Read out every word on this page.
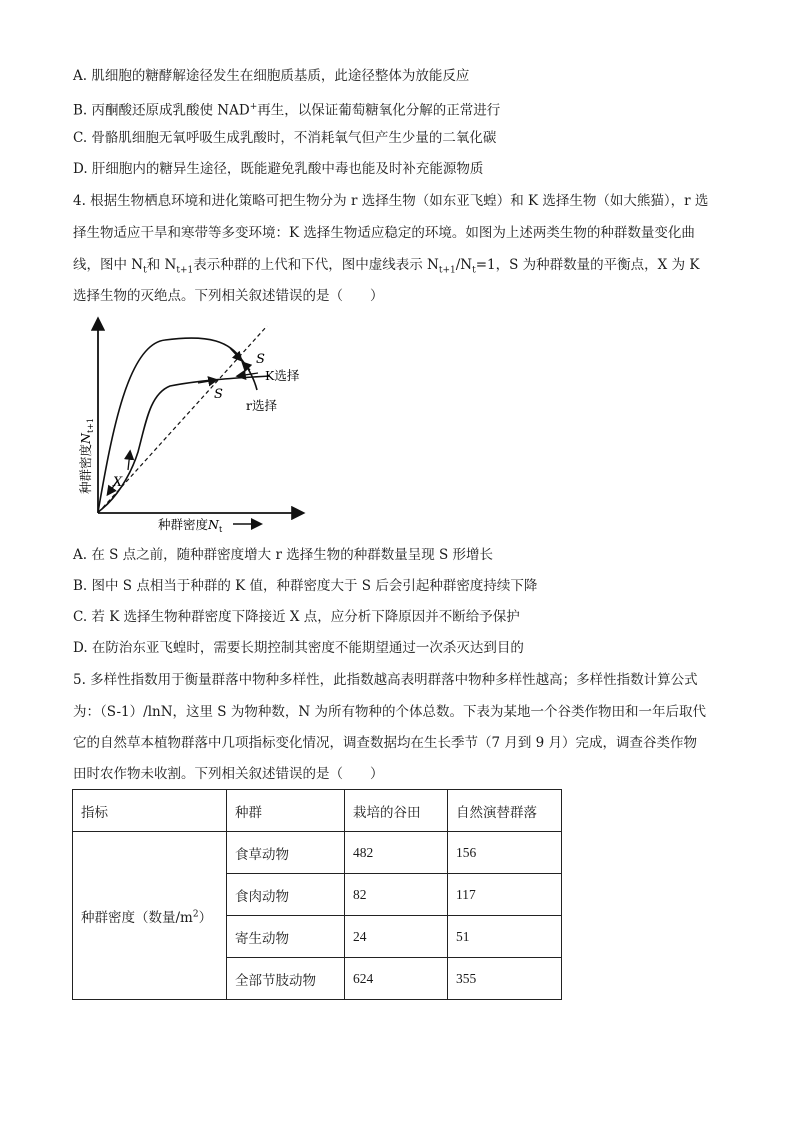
A. 肌细胞的糖酵解途径发生在细胞质基质，此途径整体为放能反应
B. 丙酮酸还原成乳酸使 NAD+再生，以保证葡萄糖氧化分解的正常进行
C. 骨骼肌细胞无氧呼吸生成乳酸时，不消耗氧气但产生少量的二氧化碳
D. 肝细胞内的糖异生途径，既能避免乳酸中毒也能及时补充能源物质
4. 根据生物栖息环境和进化策略可把生物分为 r 选择生物（如东亚飞蝗）和 K 选择生物（如大熊猫），r 选
择生物适应干旱和寒带等多变环境：K 选择生物适应稳定的环境。如图为上述两类生物的种群数量变化曲
线，图中 $N_t$和 $N_{t+1}$表示种群的上代和下代，图中虚线表示 $N_{t+1}/N_t=1$，S 为种群数量的平衡点，X 为 K
选择生物的灭绝点。下列相关叙述错误的是（　　）
S
S
X
K选择
r选择
种群密度$N_{t+1}$
种群密度$N_t$
A. 在 S 点之前，随种群密度增大 r 选择生物的种群数量呈现 S 形增长
B. 图中 S 点相当于种群的 K 值，种群密度大于 S 后会引起种群密度持续下降
C. 若 K 选择生物种群密度下降接近 X 点，应分析下降原因并不断给予保护
D. 在防治东亚飞蝗时，需要长期控制其密度不能期望通过一次杀灭达到目的
5. 多样性指数用于衡量群落中物种多样性，此指数越高表明群落中物种多样性越高；多样性指数计算公式
为：（S-1）/lnN，这里 S 为物种数，N 为所有物种的个体总数。下表为某地一个谷类作物田和一年后取代
它的自然草本植物群落中几项指标变化情况，调查数据均在生长季节（7 月到 9 月）完成，调查谷类作物
田时农作物未收割。下列相关叙述错误的是（　　）
指标	种群	栽培的谷田	自然演替群落
种群密度（数量$/m^2$）	食草动物	482	156
	食肉动物	82	117
	寄生动物	24	51
	全部节肢动物	624	355
